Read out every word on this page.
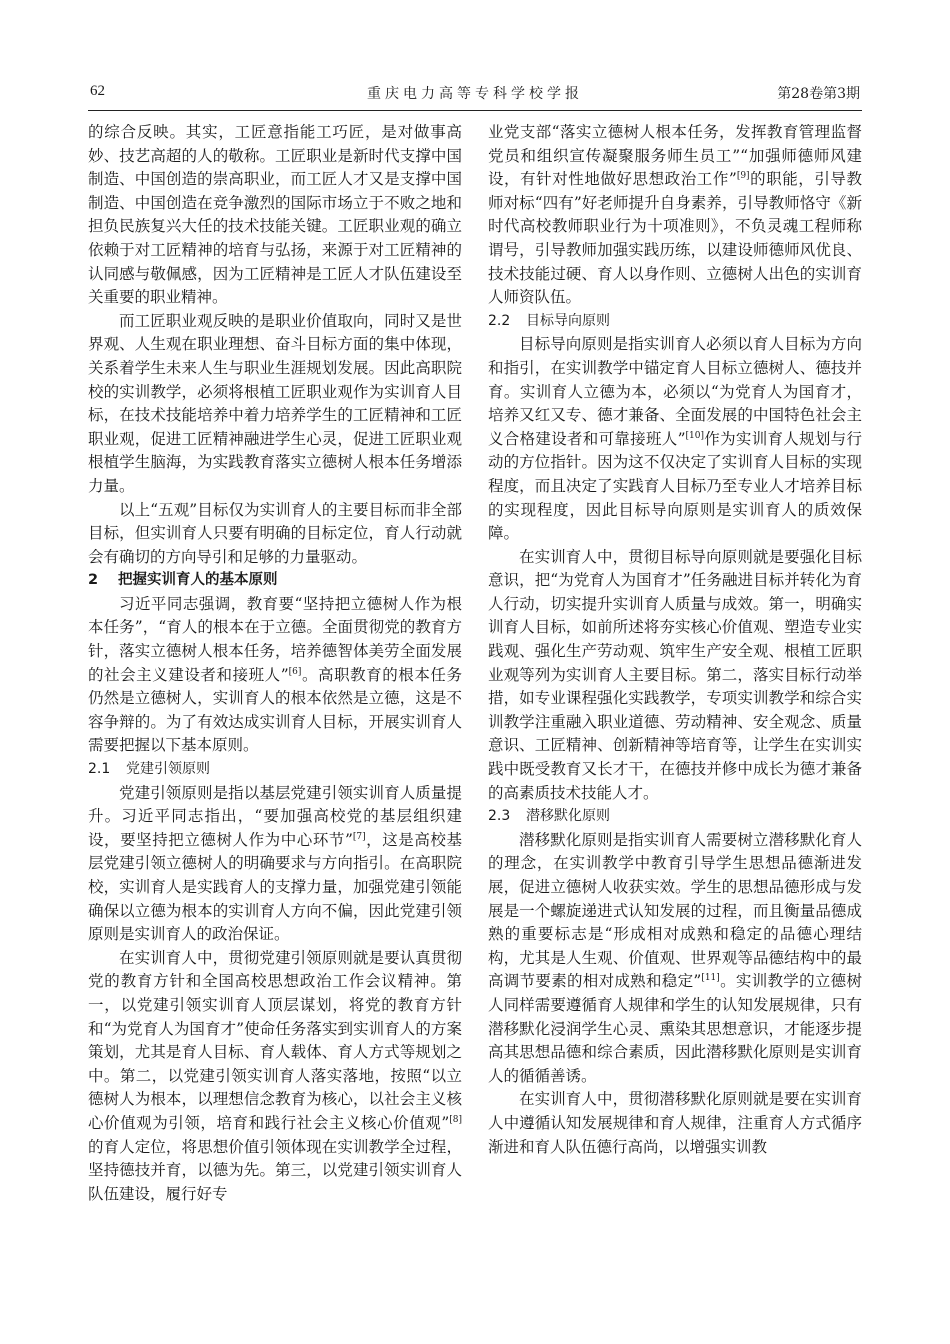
62	重庆电力高等专科学校学报	第28卷第3期

的综合反映。其实，工匠意指能工巧匠，是对做事高妙、技艺高超的人的敬称。工匠职业是新时代支撑中国制造、中国创造的崇高职业，而工匠人才又是支撑中国制造、中国创造在竞争激烈的国际市场立于不败之地和担负民族复兴大任的技术技能关键。工匠职业观的确立依赖于对工匠精神的培育与弘扬，来源于对工匠精神的认同感与敬佩感，因为工匠精神是工匠人才队伍建设至关重要的职业精神。

而工匠职业观反映的是职业价值取向，同时又是世界观、人生观在职业理想、奋斗目标方面的集中体现，关系着学生未来人生与职业生涯规划发展。因此高职院校的实训教学，必须将根植工匠职业观作为实训育人目标，在技术技能培养中着力培养学生的工匠精神和工匠职业观，促进工匠精神融进学生心灵，促进工匠职业观根植学生脑海，为实践教育落实立德树人根本任务增添力量。

以上“五观”目标仅为实训育人的主要目标而非全部目标，但实训育人只要有明确的目标定位，育人行动就会有确切的方向导引和足够的力量驱动。

2 把握实训育人的基本原则

习近平同志强调，教育要“坚持把立德树人作为根本任务”，“育人的根本在于立德。全面贯彻党的教育方针，落实立德树人根本任务，培养德智体美劳全面发展的社会主义建设者和接班人”[6]。高职教育的根本任务仍然是立德树人，实训育人的根本依然是立德，这是不容争辩的。为了有效达成实训育人目标，开展实训育人需要把握以下基本原则。

2.1 党建引领原则

党建引领原则是指以基层党建引领实训育人质量提升。习近平同志指出，“要加强高校党的基层组织建设，要坚持把立德树人作为中心环节”[7]，这是高校基层党建引领立德树人的明确要求与方向指引。在高职院校，实训育人是实践育人的支撑力量，加强党建引领能确保以立德为根本的实训育人方向不偏，因此党建引领原则是实训育人的政治保证。

在实训育人中，贯彻党建引领原则就是要认真贯彻党的教育方针和全国高校思想政治工作会议精神。第一，以党建引领实训育人顶层谋划，将党的教育方针和“为党育人为国育才”使命任务落实到实训育人的方案策划，尤其是育人目标、育人载体、育人方式等规划之中。第二，以党建引领实训育人落实落地，按照“以立德树人为根本，以理想信念教育为核心，以社会主义核心价值观为引领，培育和践行社会主义核心价值观”[8]的育人定位，将思想价值引领体现在实训教学全过程，坚持德技并育，以德为先。第三，以党建引领实训育人队伍建设，履行好专

业党支部“落实立德树人根本任务，发挥教育管理监督党员和组织宣传凝聚服务师生员工”“加强师德师风建设，有针对性地做好思想政治工作”[9]的职能，引导教师对标“四有”好老师提升自身素养，引导教师恪守《新时代高校教师职业行为十项准则》，不负灵魂工程师称谓号，引导教师加强实践历练，以建设师德师风优良、技术技能过硬、育人以身作则、立德树人出色的实训育人师资队伍。

2.2 目标导向原则

目标导向原则是指实训育人必须以育人目标为方向和指引，在实训教学中锚定育人目标立德树人、德技并育。实训育人立德为本，必须以“为党育人为国育才，培养又红又专、德才兼备、全面发展的中国特色社会主义合格建设者和可靠接班人”[10]作为实训育人规划与行动的方位指针。因为这不仅决定了实训育人目标的实现程度，而且决定了实践育人目标乃至专业人才培养目标的实现程度，因此目标导向原则是实训育人的质效保障。

在实训育人中，贯彻目标导向原则就是要强化目标意识，把“为党育人为国育才”任务融进目标并转化为育人行动，切实提升实训育人质量与成效。第一，明确实训育人目标，如前所述将夯实核心价值观、塑造专业实践观、强化生产劳动观、筑牢生产安全观、根植工匠职业观等列为实训育人主要目标。第二，落实目标行动举措，如专业课程强化实践教学，专项实训教学和综合实训教学注重融入职业道德、劳动精神、安全观念、质量意识、工匠精神、创新精神等培育等，让学生在实训实践中既受教育又长才干，在德技并修中成长为德才兼备的高素质技术技能人才。

2.3 潜移默化原则

潜移默化原则是指实训育人需要树立潜移默化育人的理念，在实训教学中教育引导学生思想品德渐进发展，促进立德树人收获实效。学生的思想品德形成与发展是一个螺旋递进式认知发展的过程，而且衡量品德成熟的重要标志是“形成相对成熟和稳定的品德心理结构，尤其是人生观、价值观、世界观等品德结构中的最高调节要素的相对成熟和稳定”[11]。实训教学的立德树人同样需要遵循育人规律和学生的认知发展规律，只有潜移默化浸润学生心灵、熏染其思想意识，才能逐步提高其思想品德和综合素质，因此潜移默化原则是实训育人的循循善诱。

在实训育人中，贯彻潜移默化原则就是要在实训育人中遵循认知发展规律和育人规律，注重育人方式循序渐进和育人队伍德行高尚，以增强实训教
